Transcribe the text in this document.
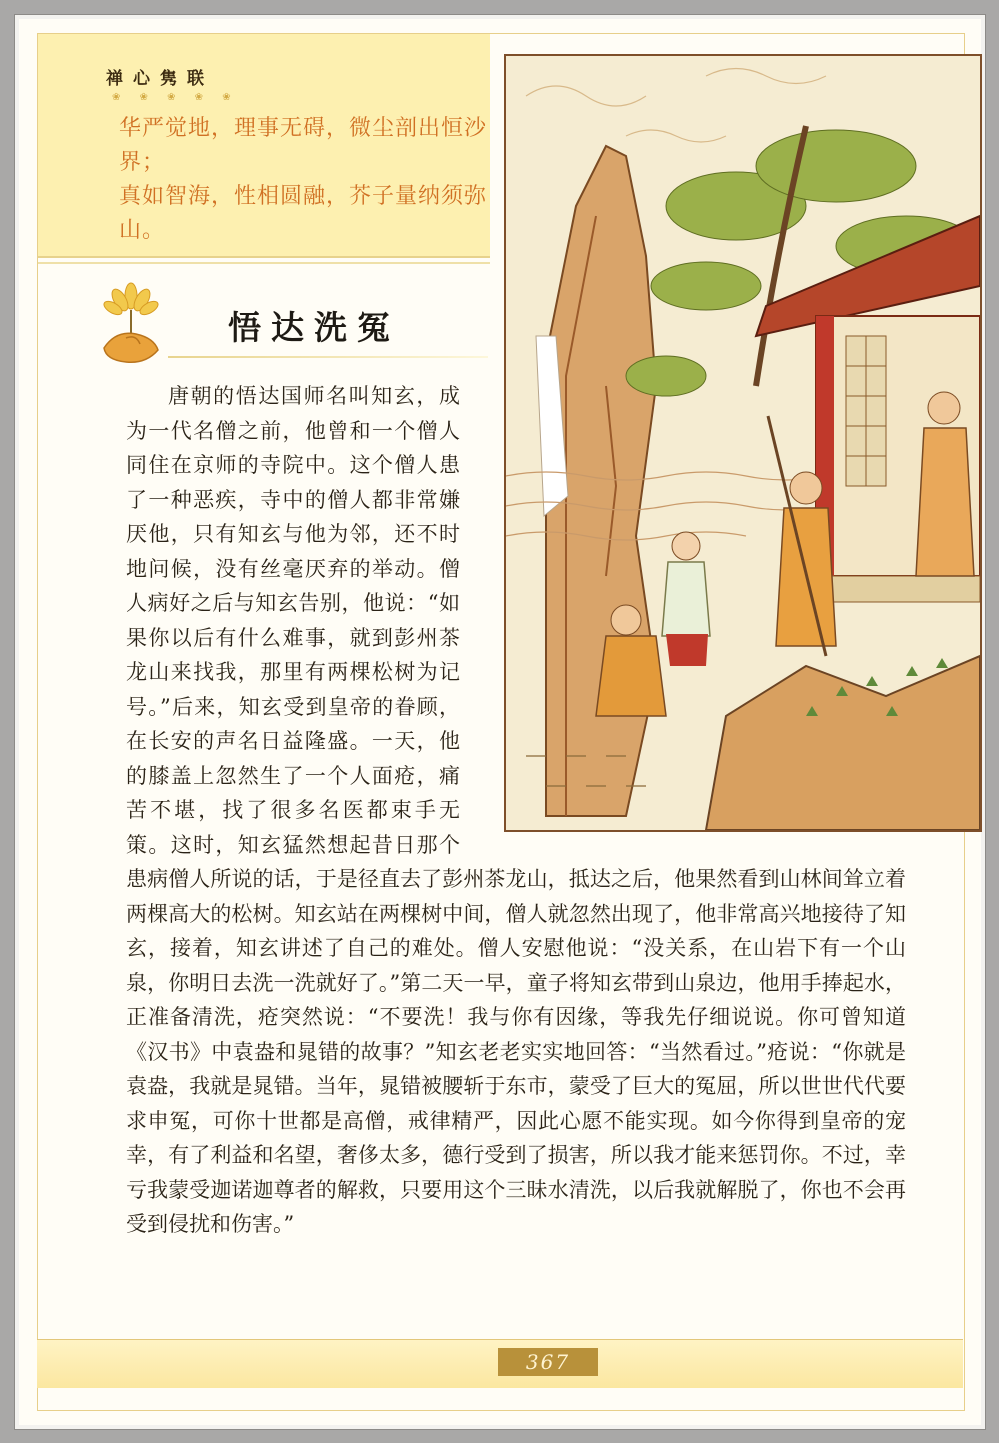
禅心隽联
❀ ❀ ❀ ❀ ❀
华严觉地，理事无碍，微尘剖出恒沙界；
真如智海，性相圆融，芥子量纳须弥山。
悟达洗冤

唐朝的悟达国师名叫知玄，成为一代名僧之前，他曾和一个僧人同住在京师的寺院中。这个僧人患了一种恶疾，寺中的僧人都非常嫌厌他，只有知玄与他为邻，还不时地问候，没有丝毫厌弃的举动。僧人病好之后与知玄告别，他说：“如果你以后有什么难事，就到彭州茶龙山来找我，那里有两棵松树为记号。”后来，知玄受到皇帝的眷顾，在长安的声名日益隆盛。一天，他的膝盖上忽然生了一个人面疮，痛苦不堪，找了很多名医都束手无策。这时，知玄猛然想起昔日那个患病僧人所说的话，于是径直去了彭州茶龙山，抵达之后，他果然看到山林间耸立着两棵高大的松树。知玄站在两棵树中间，僧人就忽然出现了，他非常高兴地接待了知玄，接着，知玄讲述了自己的难处。僧人安慰他说：“没关系，在山岩下有一个山泉，你明日去洗一洗就好了。”第二天一早，童子将知玄带到山泉边，他用手捧起水，正准备清洗，疮突然说：“不要洗！我与你有因缘，等我先仔细说说。你可曾知道《汉书》中袁盎和晁错的故事？”知玄老老实实地回答：“当然看过。”疮说：“你就是袁盎，我就是晁错。当年，晁错被腰斩于东市，蒙受了巨大的冤屈，所以世世代代要求申冤，可你十世都是高僧，戒律精严，因此心愿不能实现。如今你得到皇帝的宠幸，有了利益和名望，奢侈太多，德行受到了损害，所以我才能来惩罚你。不过，幸亏我蒙受迦诺迦尊者的解救，只要用这个三昧水清洗，以后我就解脱了，你也不会再受到侵扰和伤害。”

367
